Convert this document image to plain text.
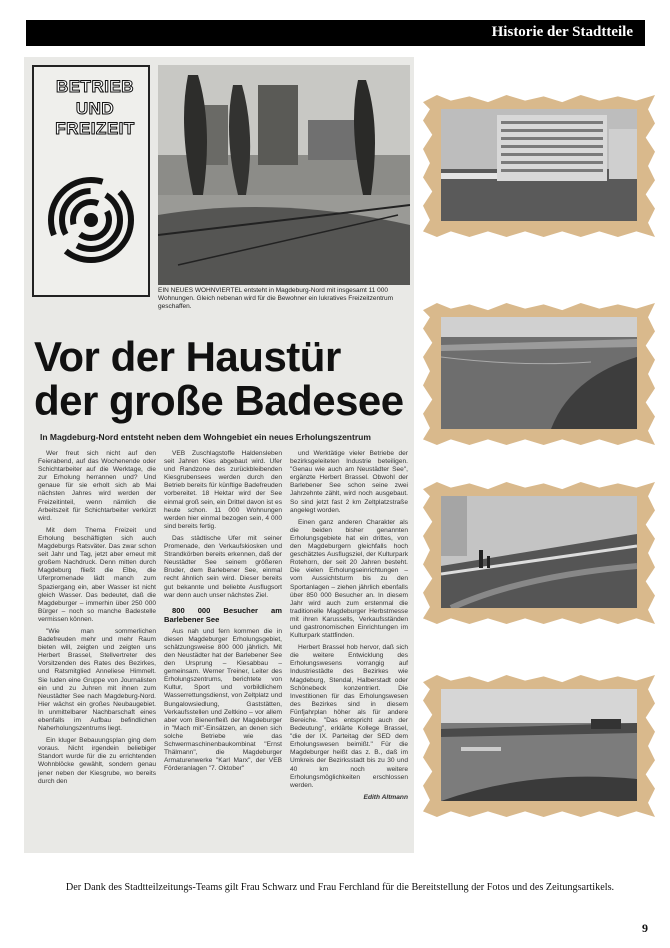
Historie der Stadtteile
BETRIEB
UND FREIZEIT
EIN NEUES WOHNVIERTEL entsteht in Magdeburg-Nord mit insgesamt 11 000 Wohnungen. Gleich nebenan wird für die Bewohner ein lukratives Freizeitzentrum geschaffen.
Vor der Haustür
der große Badesee
In Magdeburg-Nord entsteht neben dem Wohngebiet ein neues Erholungszentrum

Wer freut sich nicht auf den Feierabend, auf das Wochenende oder Schichtarbeiter auf die Werktage, die zur Erholung herrannen und? Und genaue für sie erholt sich ab Mai nächsten Jahres wird werden der Freizeitinteil, wenn nämlich die Arbeitszeit für Schichtarbeiter verkürzt wird.

Mit dem Thema Freizeit und Erholung beschäftigten sich auch Magdeburgs Ratsväter. Das zwar schon seit Jahr und Tag, jetzt aber erneut mit großem Nachdruck. Denn mitten durch Magdeburg fließt die Elbe, die Uferpromenade lädt manch zum Spaziergang ein, aber Wasser ist nicht gleich Wasser. Das bedeutet, daß die Magdeburger – immerhin über 250 000 Bürger – noch so manche Badestelle vermissen können.

"Wie man sommerlichen Badefreuden mehr und mehr Raum bieten will, zeigten und zeigten uns Herbert Brassel, Stellvertreter des Vorsitzenden des Rates des Bezirkes, und Ratsmitglied Anneliese Himmelt. Sie luden eine Gruppe von Journalisten ein und zu Juhren mit ihnen zum Neustädter See nach Magdeburg-Nord. Hier wächst ein großes Neubaugebiet. In unmittelbarer Nachbarschaft eines ebenfalls im Aufbau befindlichen Naherholungszentrums liegt.

Ein kluger Bebauungsplan ging dem voraus. Nicht irgendein beliebiger Standort wurde für die zu errichtenden Wohnblöcke gewählt, sondern genau jener neben der Kiesgrube, wo bereits durch den

VEB Zuschlagstoffe Haldensleben seit Jahren Kies abgebaut wird. Ufer und Randzone des zurückbleibenden Kiesgrubensees werden durch den Betrieb bereits für künftige Badefreuden vorbereitet. 18 Hektar wird der See einmal groß sein, ein Drittel davon ist es heute schon. 11 000 Wohnungen werden hier einmal bezogen sein, 4 000 sind bereits fertig.

Das städtische Ufer mit seiner Promenade, den Verkaufskiosken und Strandkörben bereits erkennen, daß der Neustädter See seinem größeren Bruder, dem Barlebener See, einmal recht ähnlich sein wird. Dieser bereits gut bekannte und beliebte Ausflugsort war denn auch unser nächstes Ziel.

800 000 Besucher am Barlebener See

Aus nah und fern kommen die in diesen Magdeburger Erholungsgebiet, schätzungsweise 800 000 jährlich. Mit den Neustädter hat der Barlebener See den Ursprung – Kiesabbau – gemeinsam. Werner Treiner, Leiter des Erholungszentrums, berichtete von Kultur, Sport und vorbildlichem Wasserrettungsdienst, von Zeltplatz und Bungalowsiedlung, Gaststätten, Verkaufsstellen und Zeltkino – vor allem aber vom Bienenfleiß der Magdeburger in "Mach mit"-Einsätzen, an denen sich solche Betriebe wie das Schwermaschinenbaukombinat "Ernst Thälmann", die Magdeburger Armaturenwerke "Karl Marx", der VEB Förderanlagen "7. Oktober"

und Werktätige vieler Betriebe der bezirksgeleiteten Industrie beteiligen. "Genau wie auch am Neustädter See", ergänzte Herbert Brassel. Obwohl der Barlebener See schon seine zwei Jahrzehnte zählt, wird noch ausgebaut. So sind jetzt fast 2 km Zeltplatzstraße angelegt worden.

Einen ganz anderen Charakter als die beiden bisher genannten Erholungsgebiete hat ein drittes, von den Magdeburgern gleichfalls hoch geschätztes Ausflugsziel, der Kulturpark Rotehorn, der seit 20 Jahren besteht. Die vielen Erholungseinrichtungen – vom Aussichtsturm bis zu den Sportanlagen – ziehen jährlich ebenfalls über 850 000 Besucher an. In diesem Jahr wird auch zum erstenmal die traditionelle Magdeburger Herbstmesse mit ihren Karussells, Verkaufsständen und gastronomischen Einrichtungen im Kulturpark stattfinden.

Herbert Brassel hob hervor, daß sich die weitere Entwicklung des Erholungswesens vorrangig auf Industriestädte des Bezirkes wie Magdeburg, Stendal, Halberstadt oder Schönebeck konzentriert. Die Investitionen für das Erholungswesen des Bezirkes sind in diesem Fünfjahrplan höher als für andere Bereiche. "Das entspricht auch der Bedeutung", erklärte Kollege Brassel, "die der IX. Parteitag der SED dem Erholungswesen beimißt." Für die Magdeburger heißt das z. B., daß im Umkreis der Bezirksstadt bis zu 30 und 40 km noch weitere Erholungsmöglichkeiten erschlossen werden.

Edith Altmann

Der Dank des Stadtteilzeitungs-Teams gilt Frau Schwarz und Frau Ferchland für die Bereitstellung der Fotos und des Zeitungsartikels.
9
